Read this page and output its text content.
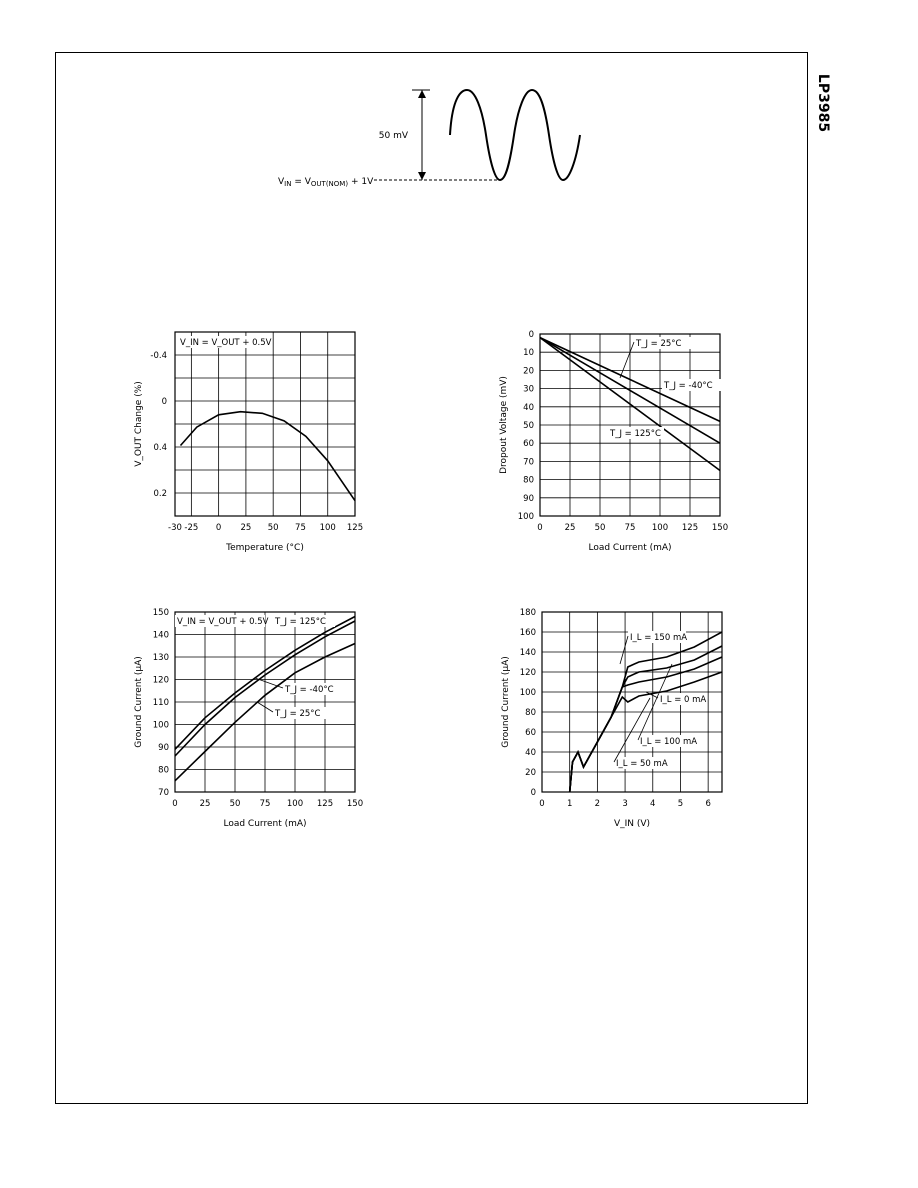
LP3985
50 mV
$V_{IN} = V_{OUT(NOM)} + 1V$
-30 -25 0 25 50 75 100 125
-0.4
0
0.4
0.2
Temperature (°C)
V_OUT Change (%)
V_IN = V_OUT + 0.5V
0	25 50 75 100 125 150
0
10
20
30
40
50
60
70
80
90
100
Load Current (mA)
Dropout Voltage (mV)
T_J = 25°C
T_J = -40°C
T_J = 125°C
0	25 50 75 100 125 150
70
80
90
100
110
120
130
140
150
Load Current (mA)
Ground Current (µA)
V_IN = V_OUT + 0.5V T_J = 125°C
T_J = -40°C
T_J = 25°C
0	1	2	3	4	5	6
0
20
40
60
80
100
120
140
160
180
V_IN (V)
Ground Current (µA)
I_L = 150 mA
I_L = 0 mA
I_L = 100 mA
I_L = 50 mA
